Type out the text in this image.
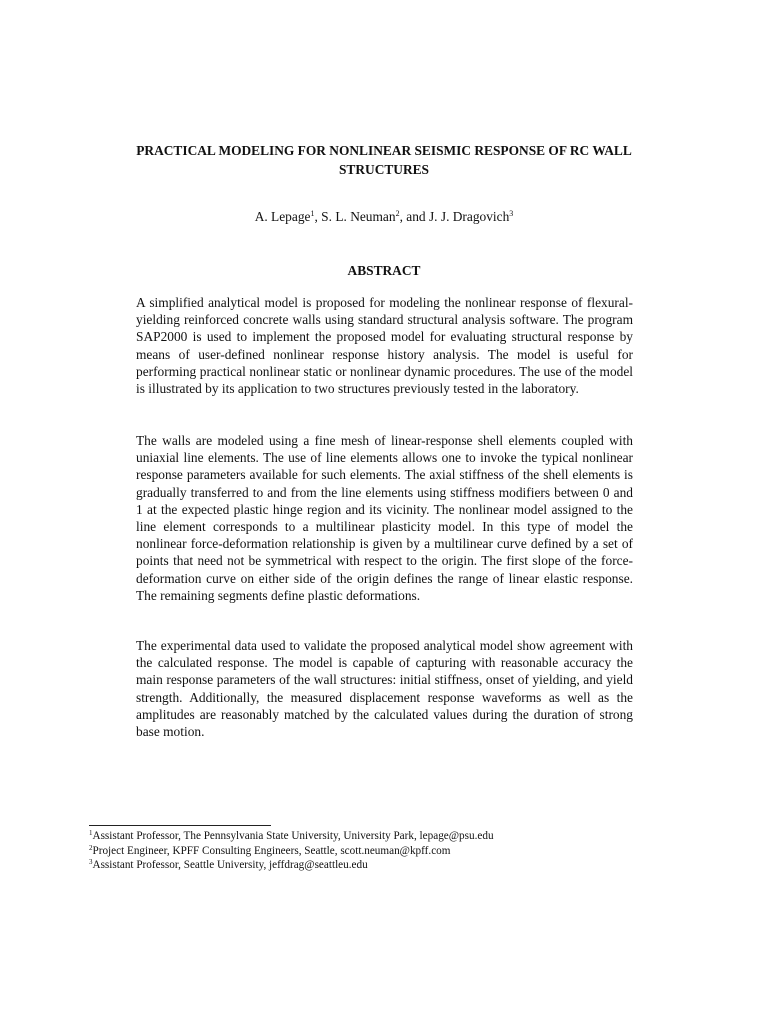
PRACTICAL MODELING FOR NONLINEAR SEISMIC RESPONSE OF RC WALL STRUCTURES

A. Lepage$^1$, S. L. Neuman$^2$, and J. J. Dragovich$^3$

ABSTRACT

A simplified analytical model is proposed for modeling the nonlinear response of flexural-yielding reinforced concrete walls using standard structural analysis software. The program SAP2000 is used to implement the proposed model for evaluating structural response by means of user-defined nonlinear response history analysis. The model is useful for performing practical nonlinear static or nonlinear dynamic procedures. The use of the model is illustrated by its application to two structures previously tested in the laboratory.

The walls are modeled using a fine mesh of linear-response shell elements coupled with uniaxial line elements. The use of line elements allows one to invoke the typical nonlinear response parameters available for such elements. The axial stiffness of the shell elements is gradually transferred to and from the line elements using stiffness modifiers between 0 and 1 at the expected plastic hinge region and its vicinity. The nonlinear model assigned to the line element corresponds to a multilinear plasticity model. In this type of model the nonlinear force-deformation relationship is given by a multilinear curve defined by a set of points that need not be symmetrical with respect to the origin. The first slope of the force-deformation curve on either side of the origin defines the range of linear elastic response. The remaining segments define plastic deformations.

The experimental data used to validate the proposed analytical model show agreement with the calculated response. The model is capable of capturing with reasonable accuracy the main response parameters of the wall structures: initial stiffness, onset of yielding, and yield strength. Additionally, the measured displacement response waveforms as well as the amplitudes are reasonably matched by the calculated values during the duration of strong base motion.

$^1$Assistant Professor, The Pennsylvania State University, University Park, lepage@psu.edu
$^2$Project Engineer, KPFF Consulting Engineers, Seattle, scott.neuman@kpff.com
$^3$Assistant Professor, Seattle University, jeffdrag@seattleu.edu
